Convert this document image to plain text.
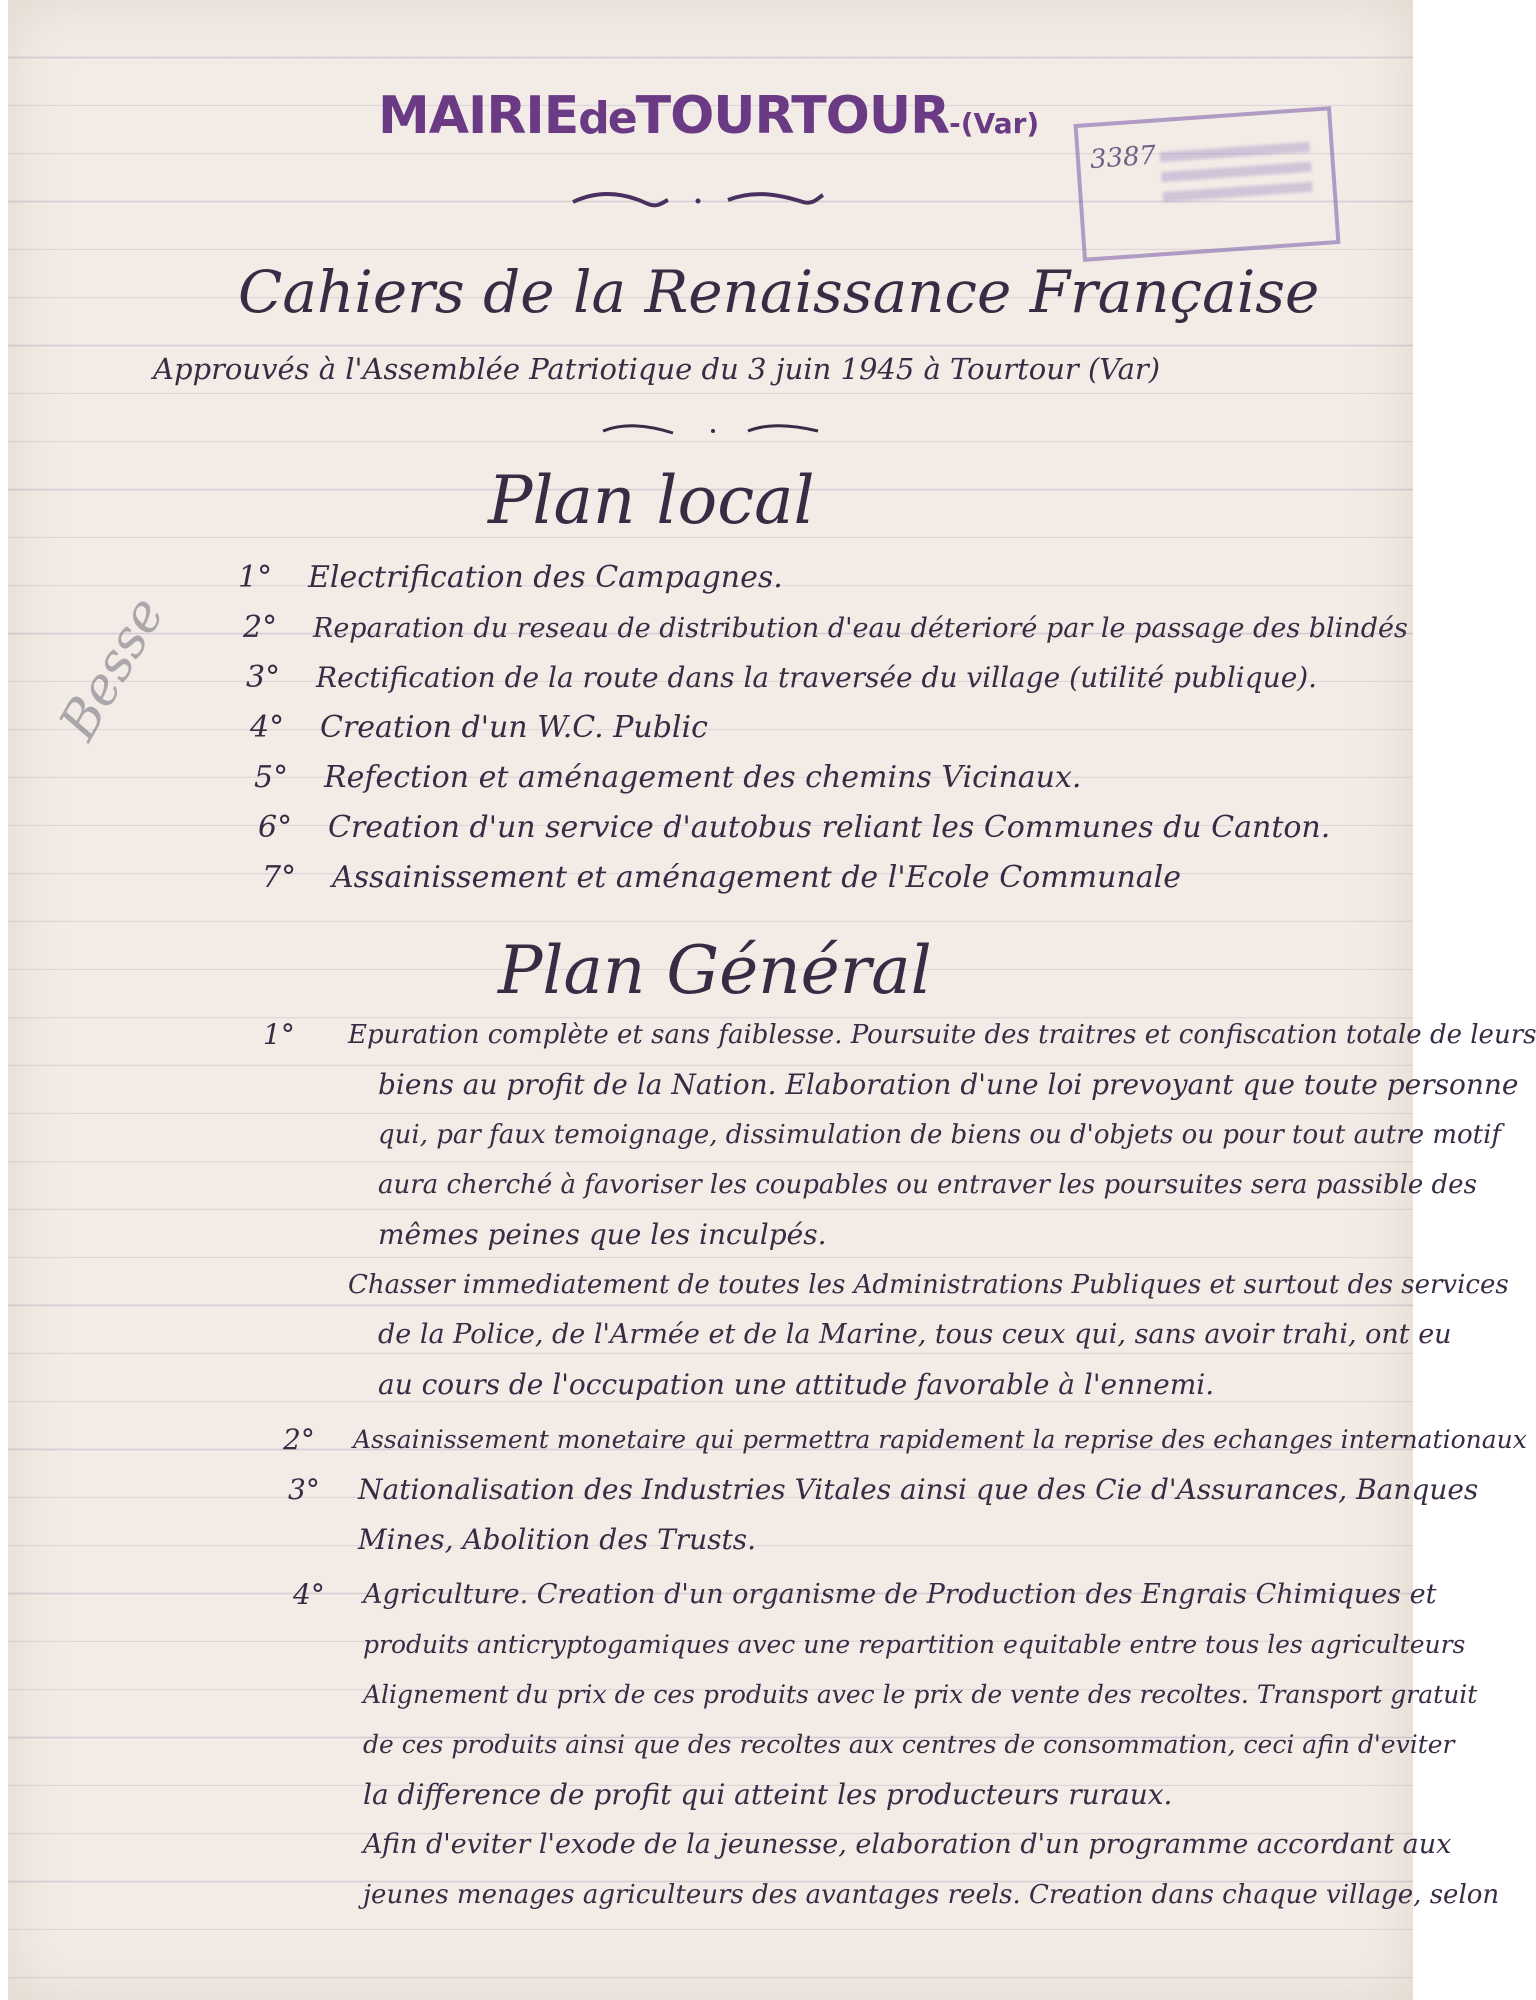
MAIRIEdeTOURTOUR-(Var)
3387
Cahiers de la Renaissance Française
Approuvés à l'Assemblée Patriotique du 3 juin 1945 à Tourtour (Var)
Besse
Plan local
1° Electrification des Campagnes.
2° Reparation du reseau de distribution d'eau déterioré par le passage des blindés
3° Rectification de la route dans la traversée du village (utilité publique).
4° Creation d'un W.C. Public
5° Refection et aménagement des chemins Vicinaux.
6° Creation d'un service d'autobus reliant les Communes du Canton.
7° Assainissement et aménagement de l'Ecole Communale
Plan Général
1° Epuration complète et sans faiblesse. Poursuite des traitres et confiscation totale de leurs
biens au profit de la Nation. Elaboration d'une loi prevoyant que toute personne
qui, par faux temoignage, dissimulation de biens ou d'objets ou pour tout autre motif
aura cherché à favoriser les coupables ou entraver les poursuites sera passible des
mêmes peines que les inculpés.
Chasser immediatement de toutes les Administrations Publiques et surtout des services
de la Police, de l'Armée et de la Marine, tous ceux qui, sans avoir trahi, ont eu
au cours de l'occupation une attitude favorable à l'ennemi.
2° Assainissement monetaire qui permettra rapidement la reprise des echanges internationaux
3° Nationalisation des Industries Vitales ainsi que des Cie d'Assurances, Banques
Mines, Abolition des Trusts.
4° Agriculture. Creation d'un organisme de Production des Engrais Chimiques et
produits anticryptogamiques avec une repartition equitable entre tous les agriculteurs
Alignement du prix de ces produits avec le prix de vente des recoltes. Transport gratuit
de ces produits ainsi que des recoltes aux centres de consommation, ceci afin d'eviter
la difference de profit qui atteint les producteurs ruraux.
Afin d'eviter l'exode de la jeunesse, elaboration d'un programme accordant aux
jeunes menages agriculteurs des avantages reels. Creation dans chaque village, selon
